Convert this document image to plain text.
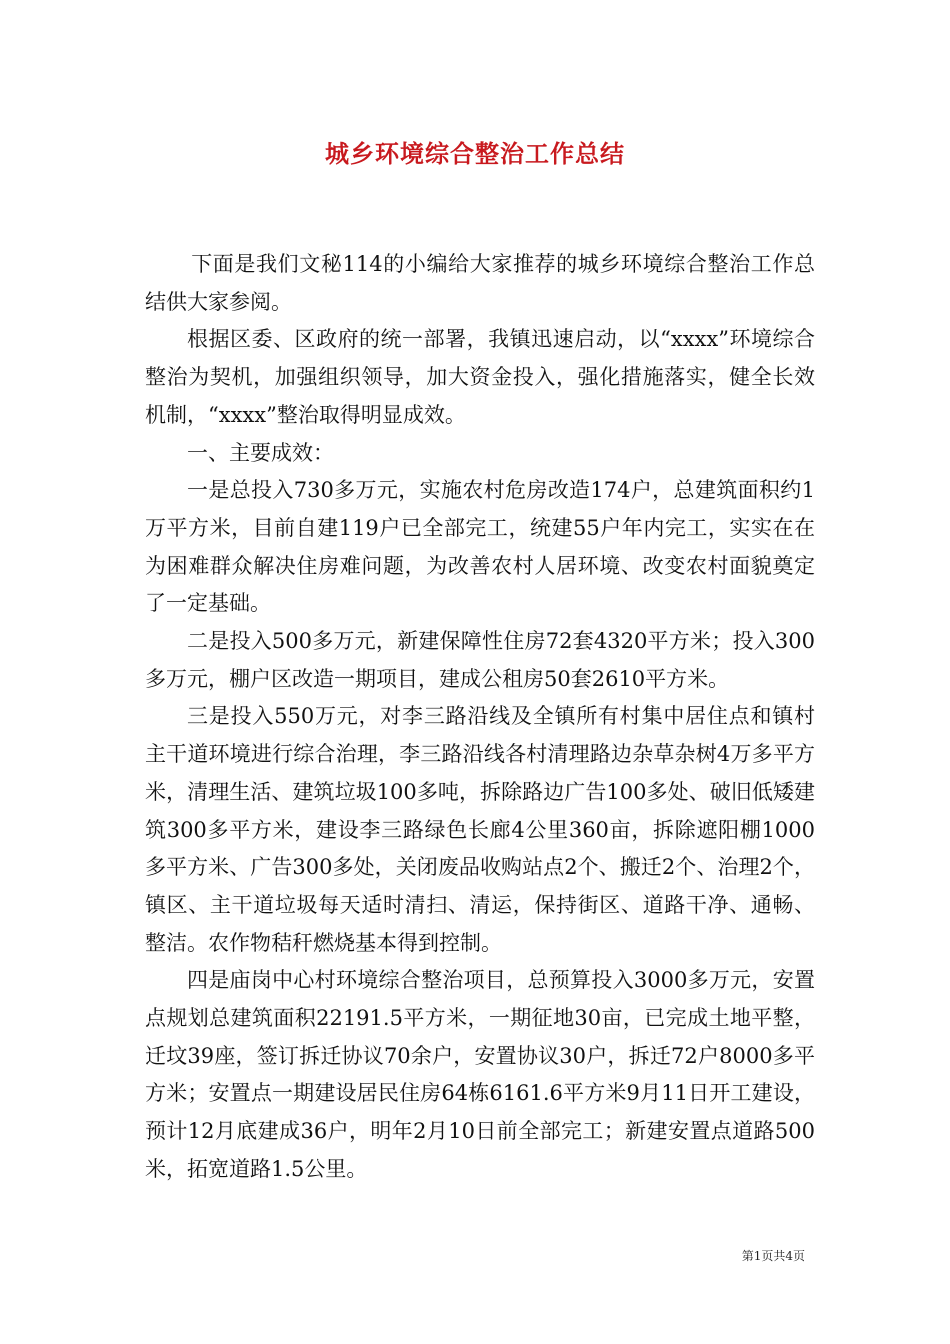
城乡环境综合整治工作总结

下面是我们文秘114的小编给大家推荐的城乡环境综合整治工作总结供大家参阅。

根据区委、区政府的统一部署，我镇迅速启动，以“xxxx”环境综合整治为契机，加强组织领导，加大资金投入，强化措施落实，健全长效机制，“xxxx”整治取得明显成效。

一、主要成效：

一是总投入730多万元，实施农村危房改造174户，总建筑面积约1万平方米，目前自建119户已全部完工，统建55户年内完工，实实在在为困难群众解决住房难问题，为改善农村人居环境、改变农村面貌奠定了一定基础。

二是投入500多万元，新建保障性住房72套4320平方米；投入300多万元，棚户区改造一期项目，建成公租房50套2610平方米。

三是投入550万元，对李三路沿线及全镇所有村集中居住点和镇村主干道环境进行综合治理，李三路沿线各村清理路边杂草杂树4万多平方米，清理生活、建筑垃圾100多吨，拆除路边广告100多处、破旧低矮建筑300多平方米，建设李三路绿色长廊4公里360亩，拆除遮阳棚1000多平方米、广告300多处，关闭废品收购站点2个、搬迁2个、治理2个，镇区、主干道垃圾每天适时清扫、清运，保持街区、道路干净、通畅、整洁。农作物秸秆燃烧基本得到控制。

四是庙岗中心村环境综合整治项目，总预算投入3000多万元，安置点规划总建筑面积22191.5平方米，一期征地30亩，已完成土地平整，迁坟39座，签订拆迁协议70余户，安置协议30户，拆迁72户8000多平方米；安置点一期建设居民住房64栋6161.6平方米9月11日开工建设，预计12月底建成36户，明年2月10日前全部完工；新建安置点道路500米，拓宽道路1.5公里。

第1页共4页
